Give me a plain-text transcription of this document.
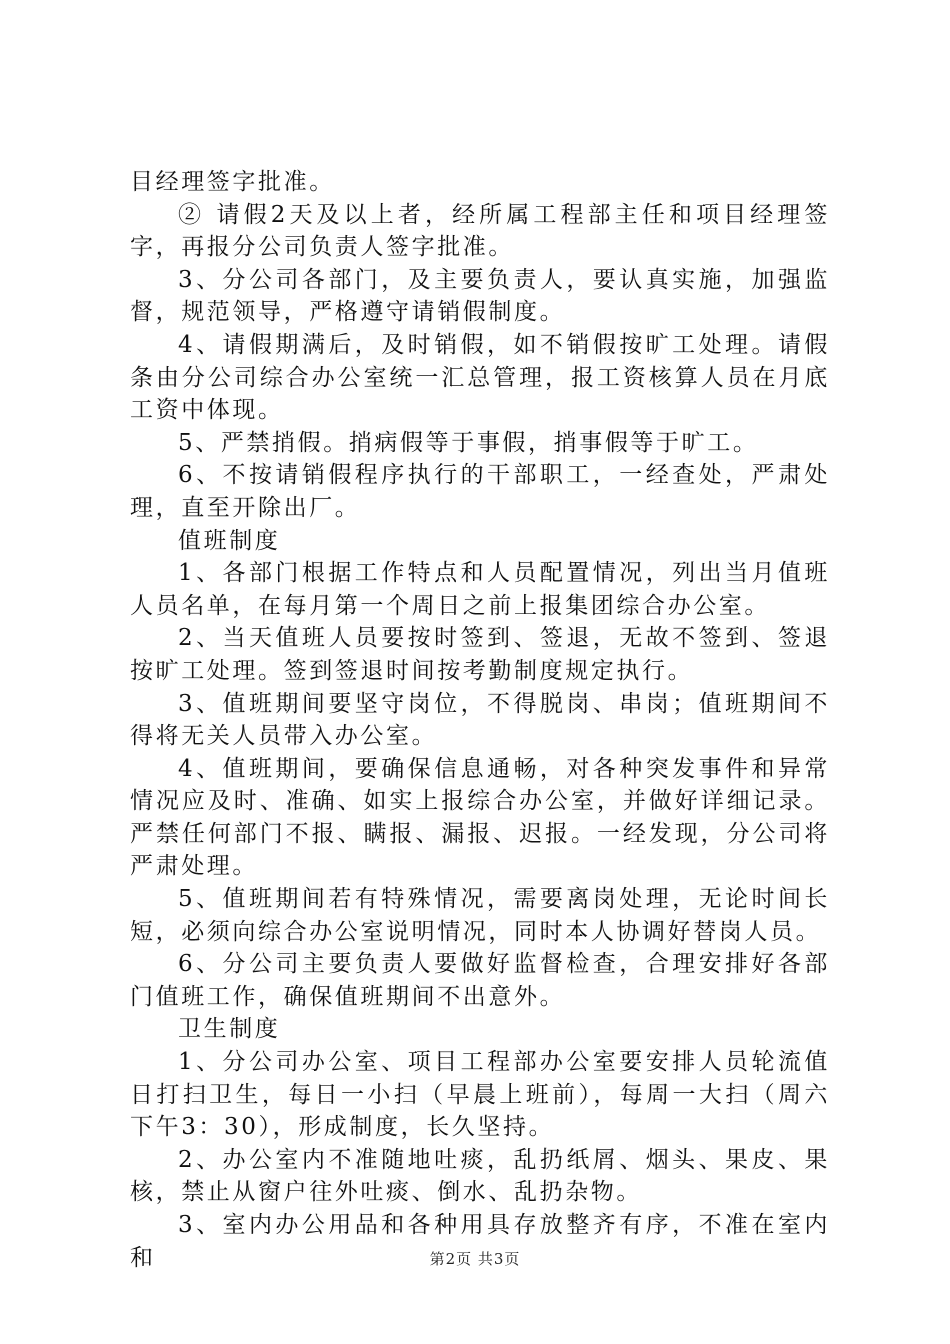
目经理签字批准。

② 请假2天及以上者，经所属工程部主任和项目经理签字，再报分公司负责人签字批准。

3、分公司各部门，及主要负责人，要认真实施，加强监督，规范领导，严格遵守请销假制度。

4、请假期满后，及时销假，如不销假按旷工处理。请假条由分公司综合办公室统一汇总管理，报工资核算人员在月底工资中体现。

5、严禁捎假。捎病假等于事假，捎事假等于旷工。

6、不按请销假程序执行的干部职工，一经查处，严肃处理，直至开除出厂。

值班制度

1、各部门根据工作特点和人员配置情况，列出当月值班人员名单，在每月第一个周日之前上报集团综合办公室。

2、当天值班人员要按时签到、签退，无故不签到、签退按旷工处理。签到签退时间按考勤制度规定执行。

3、值班期间要坚守岗位，不得脱岗、串岗；值班期间不得将无关人员带入办公室。

4、值班期间，要确保信息通畅，对各种突发事件和异常情况应及时、准确、如实上报综合办公室，并做好详细记录。严禁任何部门不报、瞒报、漏报、迟报。一经发现，分公司将严肃处理。

5、值班期间若有特殊情况，需要离岗处理，无论时间长短，必须向综合办公室说明情况，同时本人协调好替岗人员。

6、分公司主要负责人要做好监督检查，合理安排好各部门值班工作，确保值班期间不出意外。

卫生制度

1、分公司办公室、项目工程部办公室要安排人员轮流值日打扫卫生，每日一小扫（早晨上班前），每周一大扫（周六下午3：30），形成制度，长久坚持。

2、办公室内不准随地吐痰，乱扔纸屑、烟头、果皮、果核，禁止从窗户往外吐痰、倒水、乱扔杂物。

3、室内办公用品和各种用具存放整齐有序，不准在室内和	第2页 共3页
